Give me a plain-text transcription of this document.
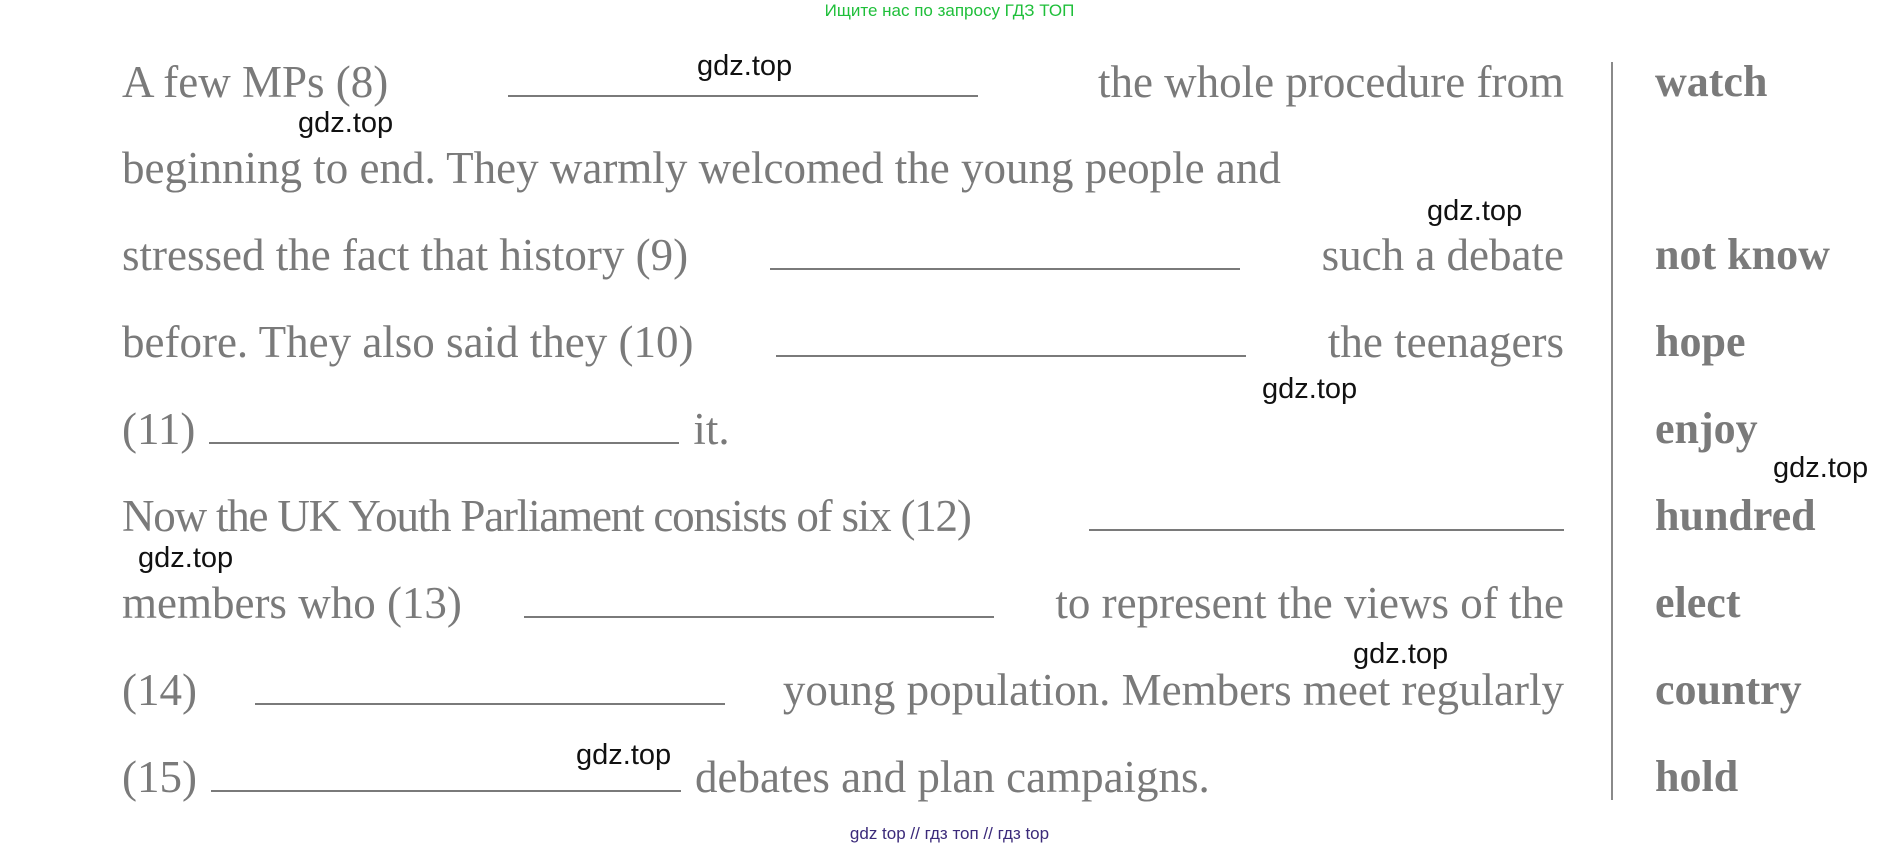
Ищите нас по запросу ГДЗ ТОП
A few MPs (8)	the whole procedure from
beginning to end. They warmly welcomed the young people and
stressed the fact that history (9)	such a debate
before. They also said they (10)	the teenagers
(11)	it.
Now the UK Youth Parliament consists of six (12)
members who (13)	to represent the views of the
(14)	young population. Members meet regularly
(15)	debates and plan campaigns.
watch
not know
hope
enjoy
hundred
elect
country
hold
gdz.top
gdz.top
gdz.top
gdz.top
gdz.top
gdz.top
gdz.top
gdz.top
gdz top // гдз топ // гдз top
